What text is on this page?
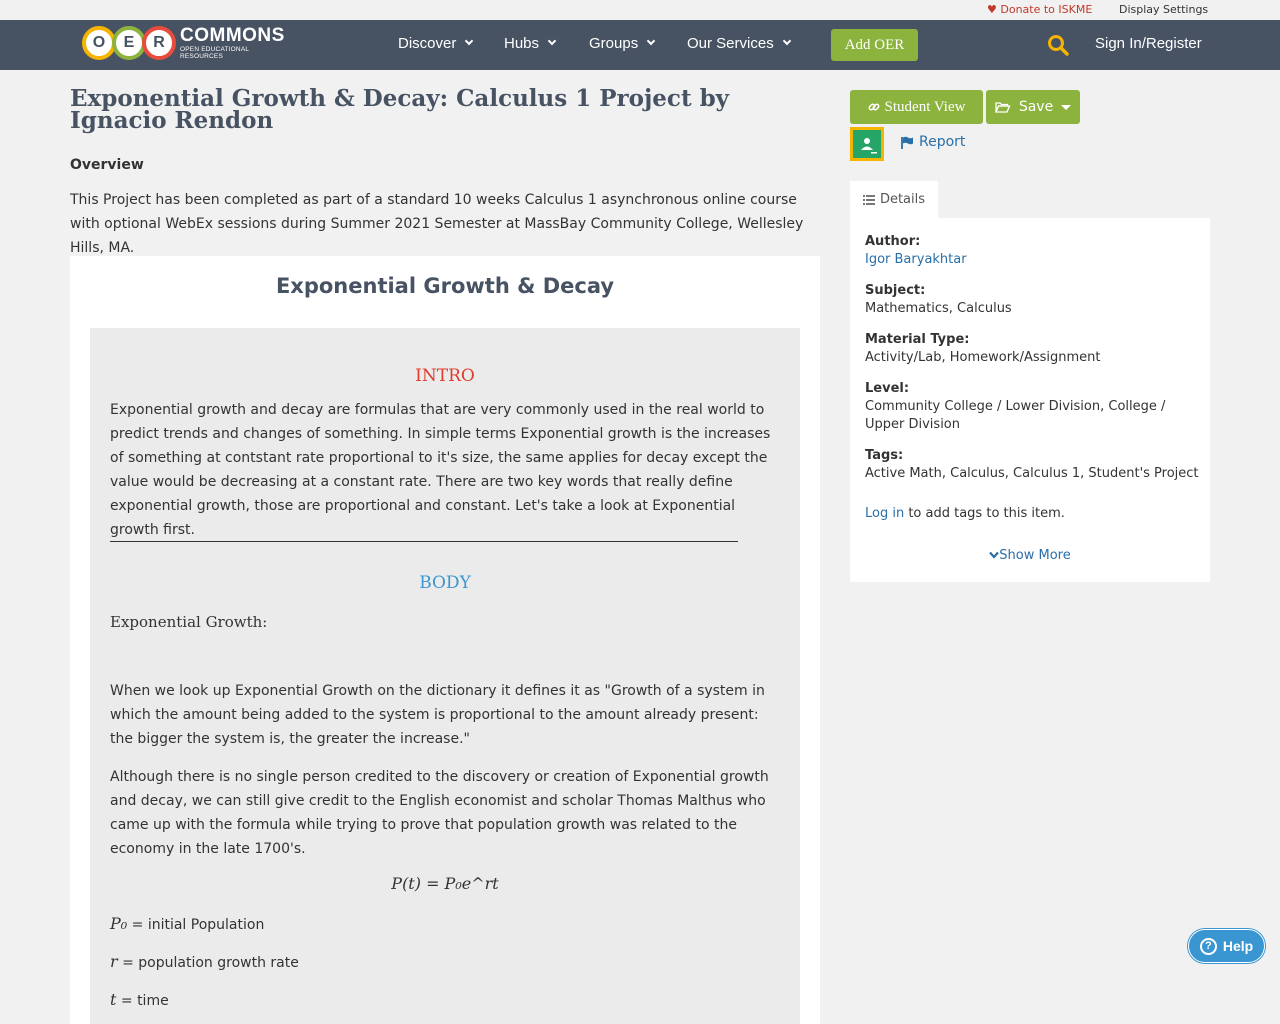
♥ Donate to ISKME Display Settings
O	E	R COMMONS
OPEN EDUCATIONAL RESOURCES
Discover	Hubs	Groups	Our Services	Add OER	Sign In/Register
Exponential Growth & Decay: Calculus 1 Project by Ignacio Rendon
Overview

This Project has been completed as part of a standard 10 weeks Calculus 1 asynchronous online course with optional WebEx sessions during Summer 2021 Semester at MassBay Community College, Wellesley Hills, MA.

Exponential Growth & Decay
INTRO

Exponential growth and decay are formulas that are very commonly used in the real world to predict trends and changes of something. In simple terms Exponential growth is the increases of something at contstant rate proportional to it's size, the same applies for decay except the value would be decreasing at a constant rate. There are two key words that really define exponential growth, those are proportional and constant. Let's take a look at Exponential growth first.

BODY
Exponential Growth:

When we look up Exponential Growth on the dictionary it defines it as "Growth of a system in which the amount being added to the system is proportional to the amount already present: the bigger the system is, the greater the increase."

Although there is no single person credited to the discovery or creation of Exponential growth and decay, we can still give credit to the English economist and scholar Thomas Malthus who came up with the formula while trying to prove that population growth was related to the economy in the late 1700's.

P(t) = P₀e^rt
P₀ = initial Population
r = population growth rate
t = time
Student View	Save
Report
Details
Author:
Igor Baryakhtar
Subject:
Mathematics, Calculus
Material Type:
Activity/Lab, Homework/Assignment
Level:
Community College / Lower Division, College / Upper Division
Tags:
Active Math, Calculus, Calculus 1, Student's Project
Log in to add tags to this item.
Show More
? Help
